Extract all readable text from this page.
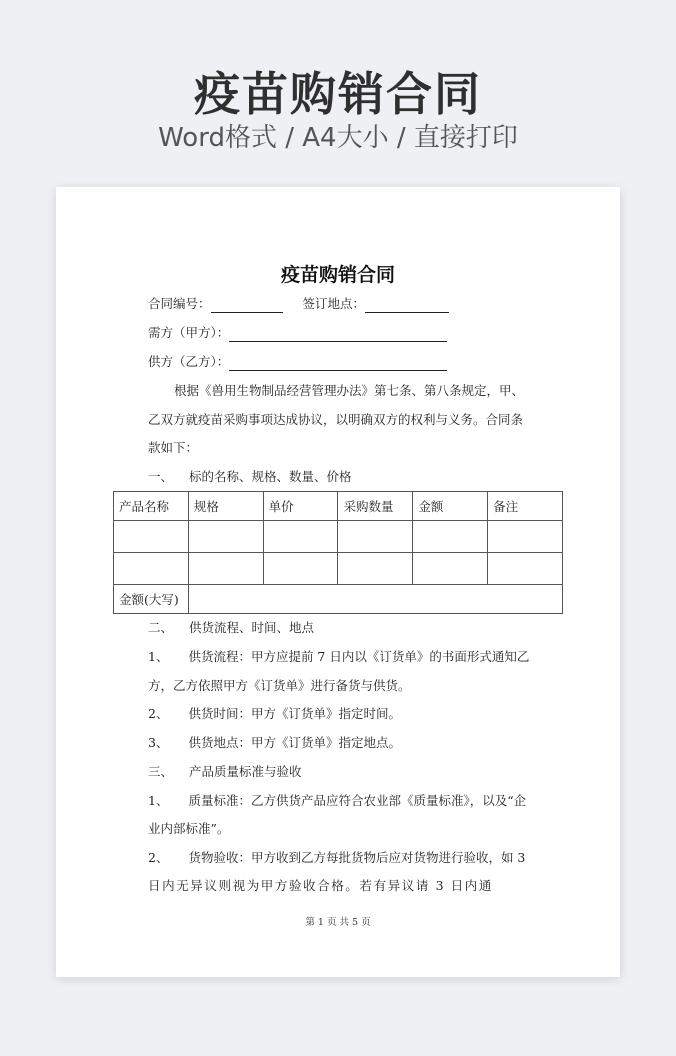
疫苗购销合同
Word格式 / A4大小 / 直接打印
疫苗购销合同
合同编号：	签订地点：
需方（甲方）：
供方（乙方）：
根据《兽用生物制品经营管理办法》第七条、第八条规定，甲、
乙双方就疫苗采购事项达成协议，以明确双方的权利与义务。合同条
款如下：
一、 标的名称、规格、数量、价格
产品名称	规格	单价	采购数量	金额	备注

金额(大写)					
二、 供货流程、时间、地点
1、 供货流程：甲方应提前 7 日内以《订货单》的书面形式通知乙
方，乙方依照甲方《订货单》进行备货与供货。
2、 供货时间：甲方《订货单》指定时间。
3、 供货地点：甲方《订货单》指定地点。
三、 产品质量标准与验收
1、 质量标准：乙方供货产品应符合农业部《质量标准》，以及“企
业内部标准”。
2、 货物验收：甲方收到乙方每批货物后应对货物进行验收，如 3
日内无异议则视为甲方验收合格。若有异议请 3 日内通
第 1 页 共 5 页
